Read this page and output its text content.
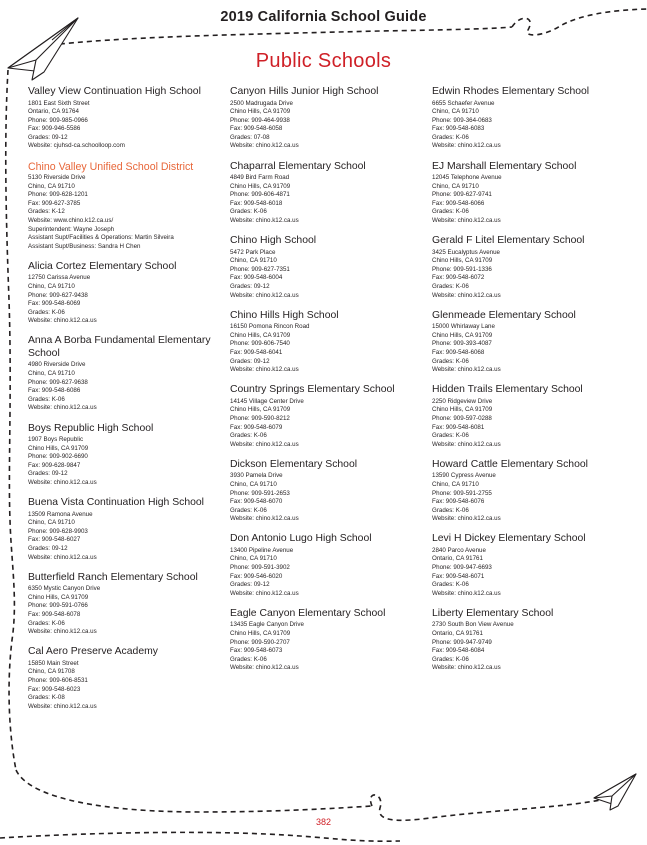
2019 California School Guide
Public Schools
Valley View Continuation High School
1801 East Sixth Street
Ontario, CA 91764
Phone: 909-985-0966
Fax: 909-946-5586
Grades: 09-12
Website: cjuhsd-ca.schoolloop.com
Chino Valley Unified School District
5130 Riverside Drive
Chino, CA 91710
Phone: 909-628-1201
Fax: 909-627-3785
Grades: K-12
Website: www.chino.k12.ca.us/
Superintendent: Wayne Joseph
Assistant Supt/Facilities & Operations: Martin Silveira
Assistant Supt/Business: Sandra H Chen
Alicia Cortez Elementary School
12750 Carissa Avenue
Chino, CA 91710
Phone: 909-627-9438
Fax: 909-548-6069
Grades: K-06
Website: chino.k12.ca.us
Anna A Borba Fundamental Elementary School
4980 Riverside Drive
Chino, CA 91710
Phone: 909-627-9638
Fax: 909-548-6086
Grades: K-06
Website: chino.k12.ca.us
Boys Republic High School
1907 Boys Republic
Chino Hills, CA 91709
Phone: 909-902-6690
Fax: 909-628-9847
Grades: 09-12
Website: chino.k12.ca.us
Buena Vista Continuation High School
13509 Ramona Avenue
Chino, CA 91710
Phone: 909-628-9903
Fax: 909-548-6027
Grades: 09-12
Website: chino.k12.ca.us
Butterfield Ranch Elementary School
6350 Mystic Canyon Drive
Chino Hills, CA 91709
Phone: 909-591-0766
Fax: 909-548-6078
Grades: K-06
Website: chino.k12.ca.us
Cal Aero Preserve Academy
15850 Main Street
Chino, CA 91708
Phone: 909-606-8531
Fax: 909-548-6023
Grades: K-08
Website: chino.k12.ca.us
Canyon Hills Junior High School
2500 Madrugada Drive
Chino Hills, CA 91709
Phone: 909-464-9938
Fax: 909-548-6058
Grades: 07-08
Website: chino.k12.ca.us
Chaparral Elementary School
4849 Bird Farm Road
Chino Hills, CA 91709
Phone: 909-606-4871
Fax: 909-548-6018
Grades: K-06
Website: chino.k12.ca.us
Chino High School
5472 Park Place
Chino, CA 91710
Phone: 909-627-7351
Fax: 909-548-6004
Grades: 09-12
Website: chino.k12.ca.us
Chino Hills High School
16150 Pomona Rincon Road
Chino Hills, CA 91709
Phone: 909-606-7540
Fax: 909-548-6041
Grades: 09-12
Website: chino.k12.ca.us
Country Springs Elementary School
14145 Village Center Drive
Chino Hills, CA 91709
Phone: 909-590-8212
Fax: 909-548-6079
Grades: K-06
Website: chino.k12.ca.us
Dickson Elementary School
3930 Pamela Drive
Chino, CA 91710
Phone: 909-591-2653
Fax: 909-548-6070
Grades: K-06
Website: chino.k12.ca.us
Don Antonio Lugo High School
13400 Pipeline Avenue
Chino, CA 91710
Phone: 909-591-3902
Fax: 909-546-6020
Grades: 09-12
Website: chino.k12.ca.us
Eagle Canyon Elementary School
13435 Eagle Canyon Drive
Chino Hills, CA 91709
Phone: 909-590-2707
Fax: 909-548-6073
Grades: K-06
Website: chino.k12.ca.us
Edwin Rhodes Elementary School
6655 Schaefer Avenue
Chino, CA 91710
Phone: 909-364-0683
Fax: 909-548-6083
Grades: K-06
Website: chino.k12.ca.us
EJ Marshall Elementary School
12045 Telephone Avenue
Chino, CA 91710
Phone: 909-627-9741
Fax: 909-548-6066
Grades: K-06
Website: chino.k12.ca.us
Gerald F Litel Elementary School
3425 Eucalyptus Avenue
Chino Hills, CA 91709
Phone: 909-591-1336
Fax: 909-548-6072
Grades: K-06
Website: chino.k12.ca.us
Glenmeade Elementary School
15000 Whirlaway Lane
Chino Hills, CA 91709
Phone: 909-393-4087
Fax: 909-548-6068
Grades: K-06
Website: chino.k12.ca.us
Hidden Trails Elementary School
2250 Ridgeview Drive
Chino Hills, CA 91709
Phone: 909-597-0288
Fax: 909-548-6081
Grades: K-06
Website: chino.k12.ca.us
Howard Cattle Elementary School
13590 Cypress Avenue
Chino, CA 91710
Phone: 909-591-2755
Fax: 909-548-6076
Grades: K-06
Website: chino.k12.ca.us
Levi H Dickey Elementary School
2840 Parco Avenue
Ontario, CA 91761
Phone: 909-947-6693
Fax: 909-548-6071
Grades: K-06
Website: chino.k12.ca.us
Liberty Elementary School
2730 South Bon View Avenue
Ontario, CA 91761
Phone: 909-947-9749
Fax: 909-548-6084
Grades: K-06
Website: chino.k12.ca.us
382
